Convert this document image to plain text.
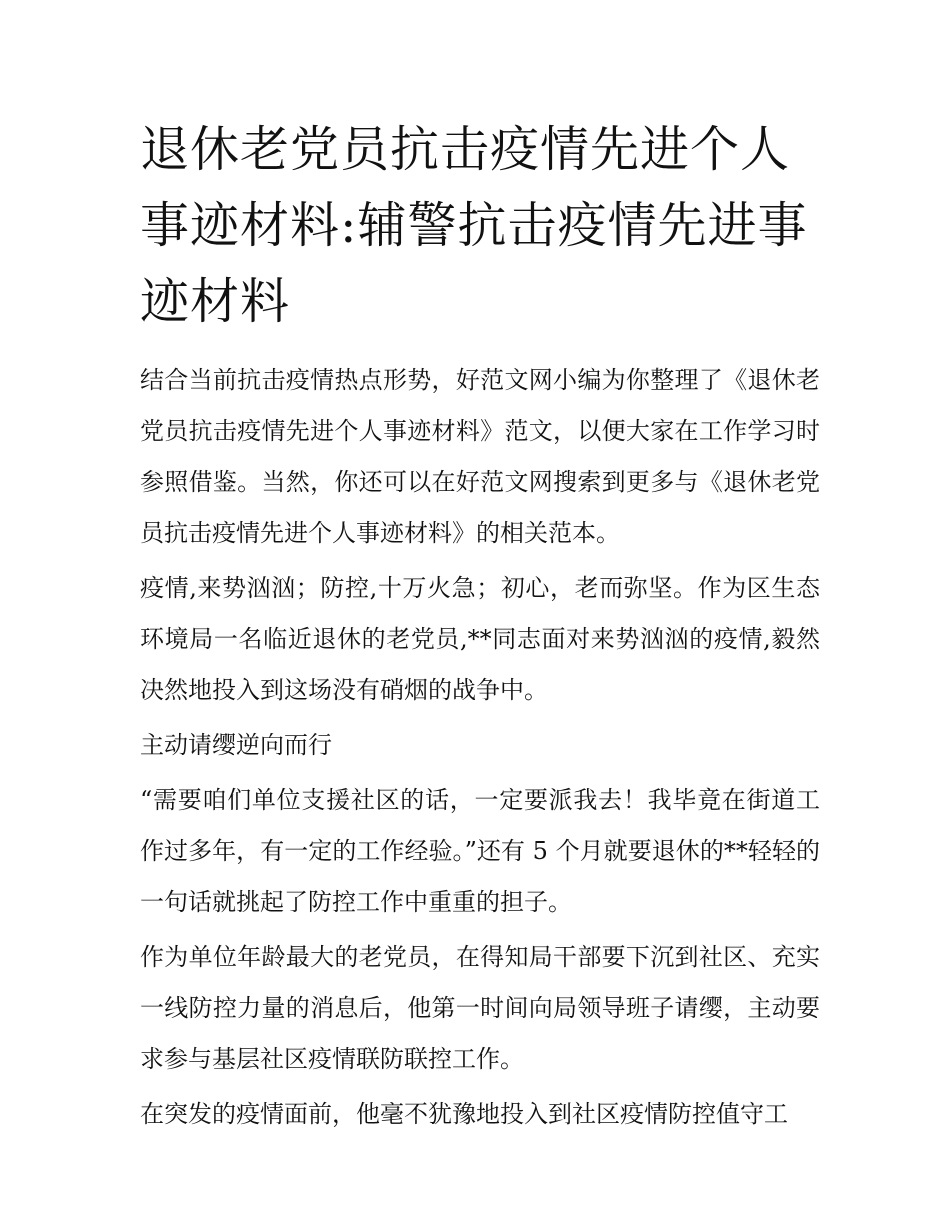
退休老党员抗击疫情先进个人事迹材料:辅警抗击疫情先进事迹材料

结合当前抗击疫情热点形势，好范文网小编为你整理了《退休老党员抗击疫情先进个人事迹材料》范文，以便大家在工作学习时参照借鉴。当然，你还可以在好范文网搜索到更多与《退休老党员抗击疫情先进个人事迹材料》的相关范本。

疫情,来势汹汹；防控,十万火急；初心，老而弥坚。作为区生态环境局一名临近退休的老党员,**同志面对来势汹汹的疫情,毅然决然地投入到这场没有硝烟的战争中。

主动请缨逆向而行

“需要咱们单位支援社区的话，一定要派我去！我毕竟在街道工作过多年，有一定的工作经验。”还有 5 个月就要退休的**轻轻的一句话就挑起了防控工作中重重的担子。

作为单位年龄最大的老党员，在得知局干部要下沉到社区、充实一线防控力量的消息后，他第一时间向局领导班子请缨，主动要求参与基层社区疫情联防联控工作。

在突发的疫情面前，他毫不犹豫地投入到社区疫情防控值守工
